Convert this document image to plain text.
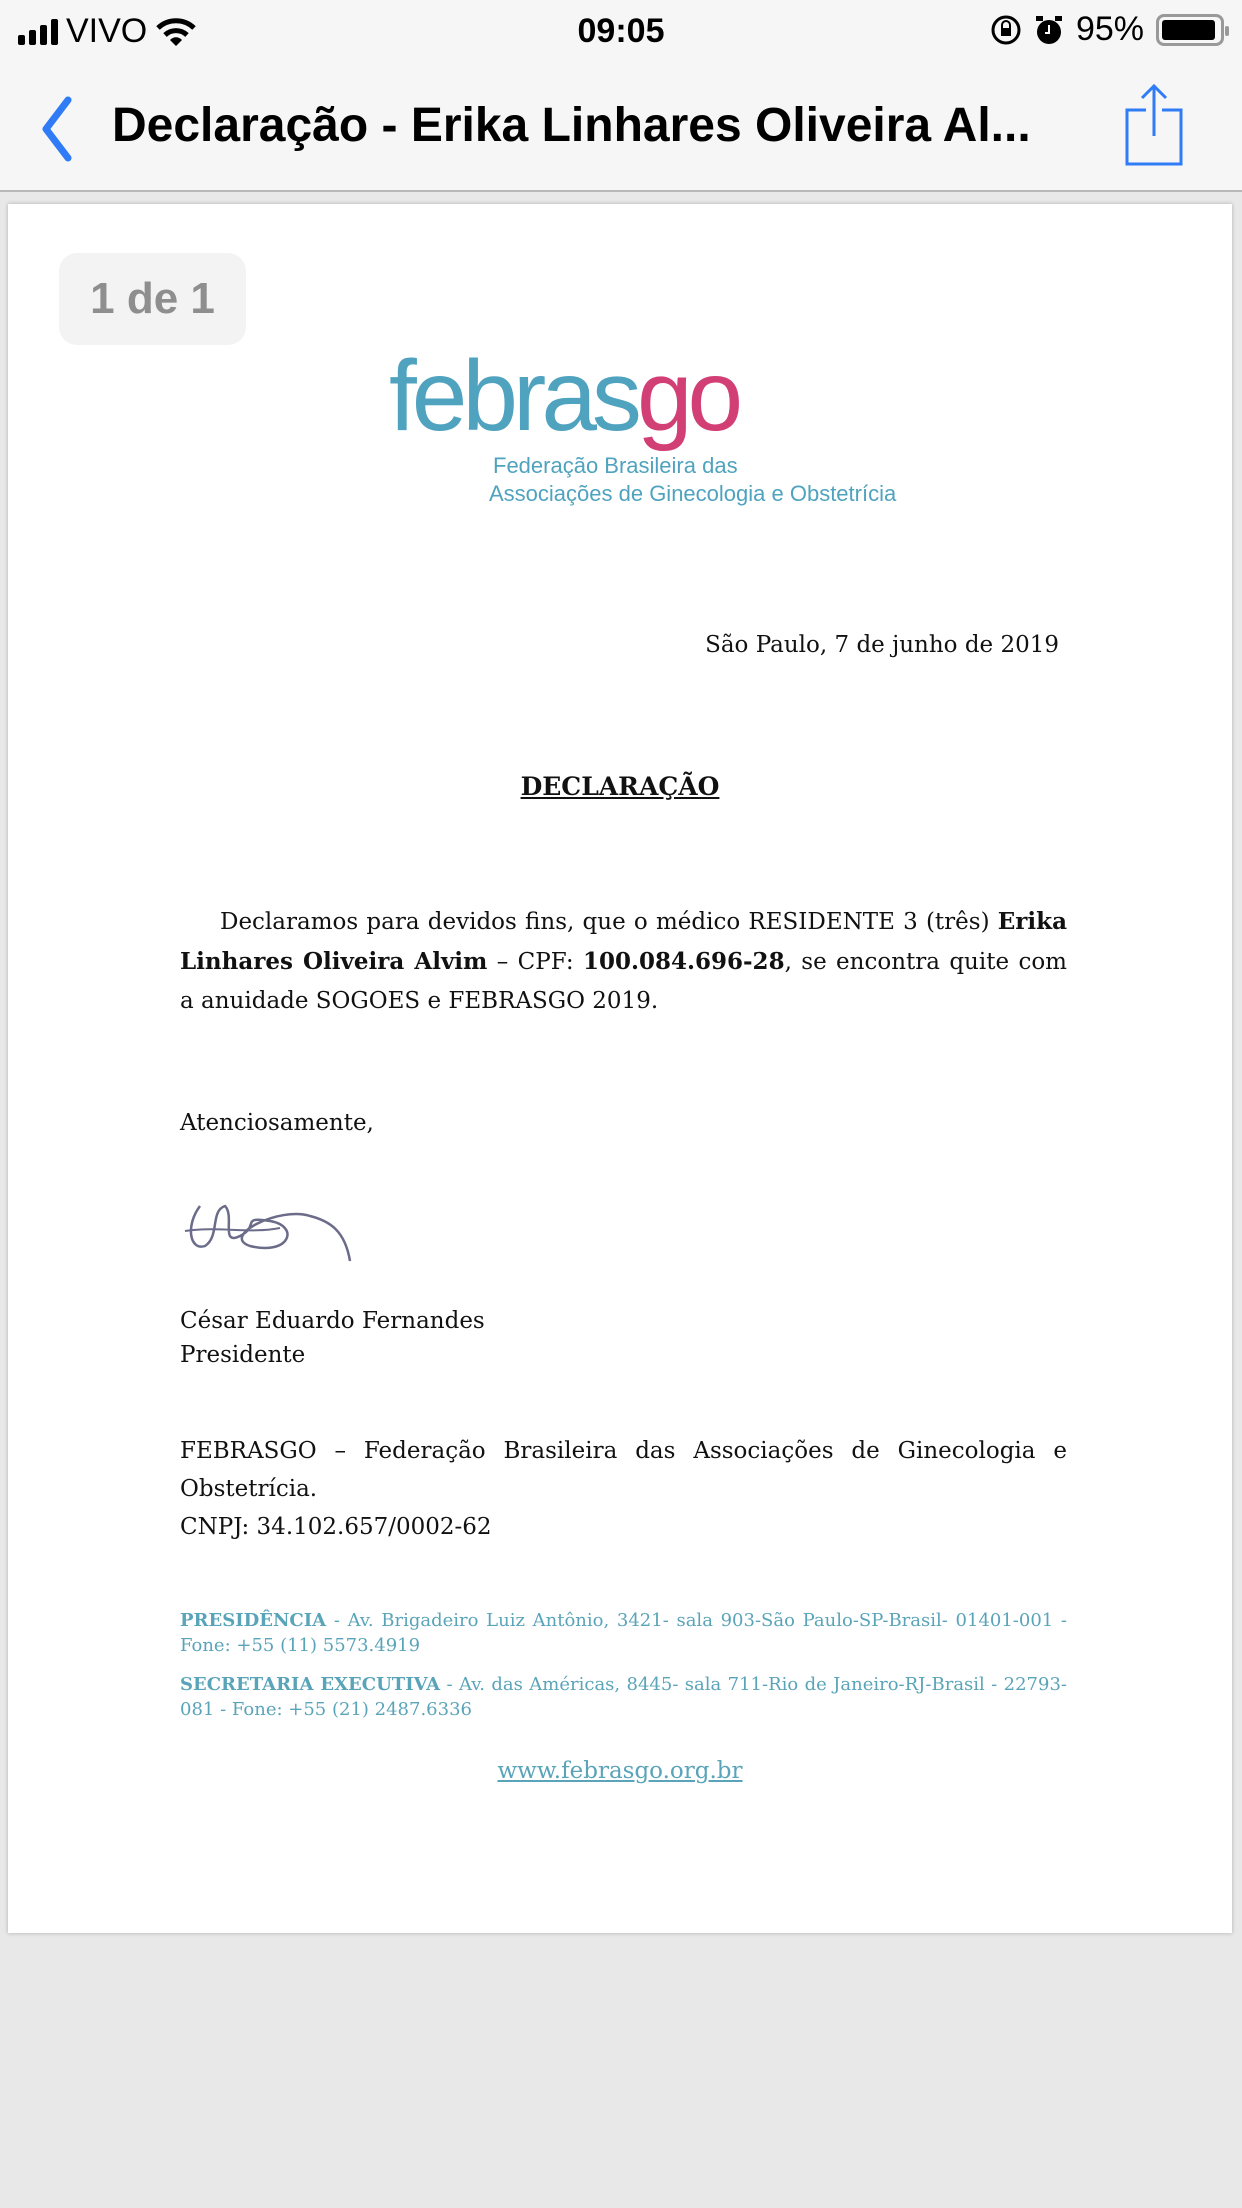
VIVO	09:05	95%
Declaração - Erika Linhares Oliveira Al...
1 de 1
febrasgo
Federação Brasileira das
Associações de Ginecologia e Obstetrícia
São Paulo, 7 de junho de 2019
DECLARAÇÃO
Declaramos para devidos fins, que o médico RESIDENTE 3 (três) Erika Linhares Oliveira Alvim – CPF: 100.084.696-28, se encontra quite com a anuidade SOGOES e FEBRASGO 2019.
Atenciosamente,
César Eduardo Fernandes
Presidente
FEBRASGO – Federação Brasileira das Associações de Ginecologia e Obstetrícia.
CNPJ: 34.102.657/0002-62
PRESIDÊNCIA - Av. Brigadeiro Luiz Antônio, 3421- sala 903-São Paulo-SP-Brasil- 01401-001 - Fone: +55 (11) 5573.4919
SECRETARIA EXECUTIVA - Av. das Américas, 8445- sala 711-Rio de Janeiro-RJ-Brasil - 22793-081 - Fone: +55 (21) 2487.6336
www.febrasgo.org.br
